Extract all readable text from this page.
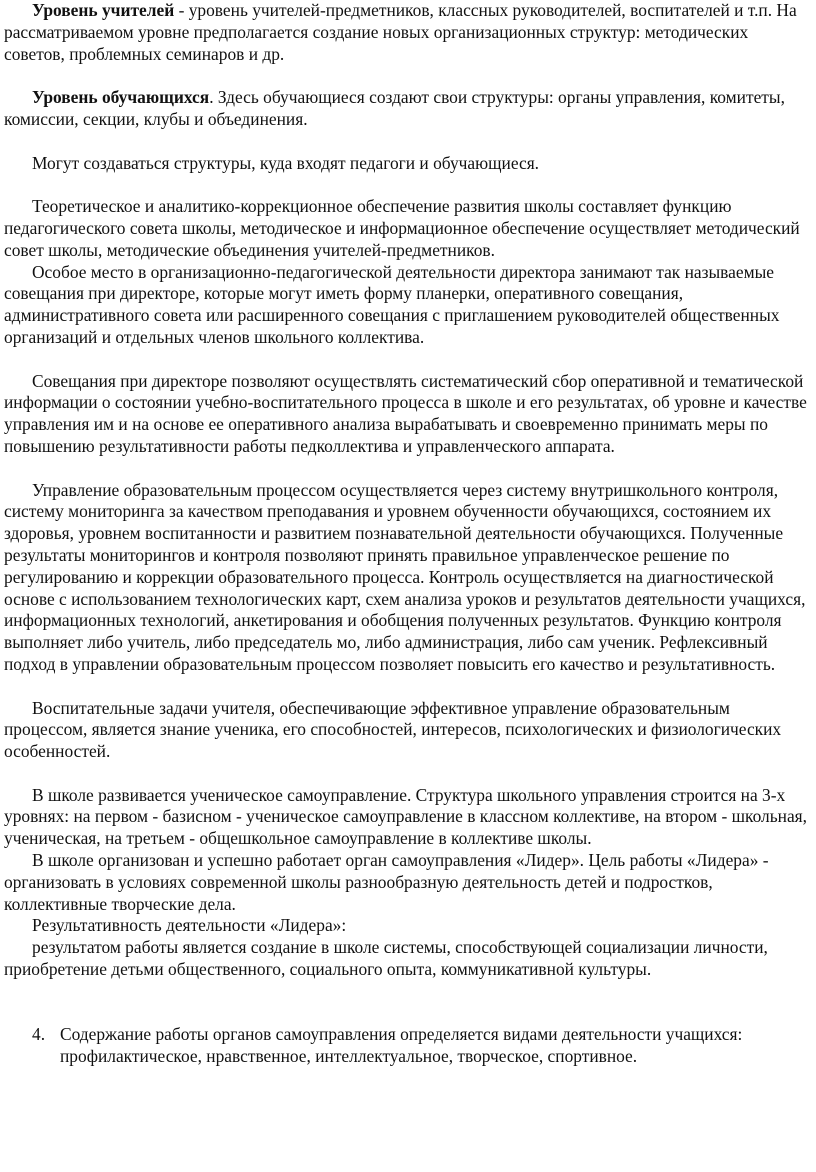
Уровень учителей - уровень учителей-предметников, классных руководителей, воспитателей и т.п. На рассматриваемом уровне предполагается создание новых организационных структур: методических советов, проблемных семинаров и др.

Уровень обучающихся. Здесь обучающиеся создают свои структуры: органы управления, комитеты, комиссии, секции, клубы и объединения.

Могут создаваться структуры, куда входят педагоги и обучающиеся.

Теоретическое и аналитико-коррекционное обеспечение развития школы составляет функцию педагогического совета школы, методическое и информационное обеспечение осуществляет методический совет школы, методические объединения учителей-предметников.

Особое место в организационно-педагогической деятельности директора занимают так называемые совещания при директоре, которые могут иметь форму планерки, оперативного совещания, административного совета или расширенного совещания с приглашением руководителей общественных организаций и отдельных членов школьного коллектива.

Совещания при директоре позволяют осуществлять систематический сбор оперативной и тематической информации о состоянии учебно-воспитательного процесса в школе и его результатах, об уровне и качестве управления им и на основе ее оперативного анализа вырабатывать и своевременно принимать меры по повышению результативности работы педколлектива и управленческого аппарата.

Управление образовательным процессом осуществляется через систему внутришкольного контроля, систему мониторинга за качеством преподавания и уровнем обученности обучающихся, состоянием их здоровья, уровнем воспитанности и развитием познавательной деятельности обучающихся. Полученные результаты мониторингов и контроля позволяют принять правильное управленческое решение по регулированию и коррекции образовательного процесса. Контроль осуществляется на диагностической основе с использованием технологических карт, схем анализа уроков и результатов деятельности учащихся, информационных технологий, анкетирования и обобщения полученных результатов. Функцию контроля выполняет либо учитель, либо председатель мо, либо администрация, либо сам ученик. Рефлексивный подход в управлении образовательным процессом позволяет повысить его качество и результативность.

Воспитательные задачи учителя, обеспечивающие эффективное управление образовательным процессом, является знание ученика, его способностей, интересов, психологических и физиологических особенностей.

В школе развивается ученическое самоуправление. Структура школьного управления строится на 3-х уровнях: на первом - базисном - ученическое самоуправление в классном коллективе, на втором - школьная, ученическая, на третьем - общешкольное самоуправление в коллективе школы.

В школе организован и успешно работает орган самоуправления «Лидер». Цель работы «Лидера» - организовать в условиях современной школы разнообразную деятельность детей и подростков, коллективные творческие дела.

Результативность деятельности «Лидера»:

результатом работы является создание в школе системы, способствующей социализации личности, приобретение детьми общественного, социального опыта, коммуникативной культуры.

4. Содержание работы органов самоуправления определяется видами деятельности учащихся: профилактическое, нравственное, интеллектуальное, творческое, спортивное.
